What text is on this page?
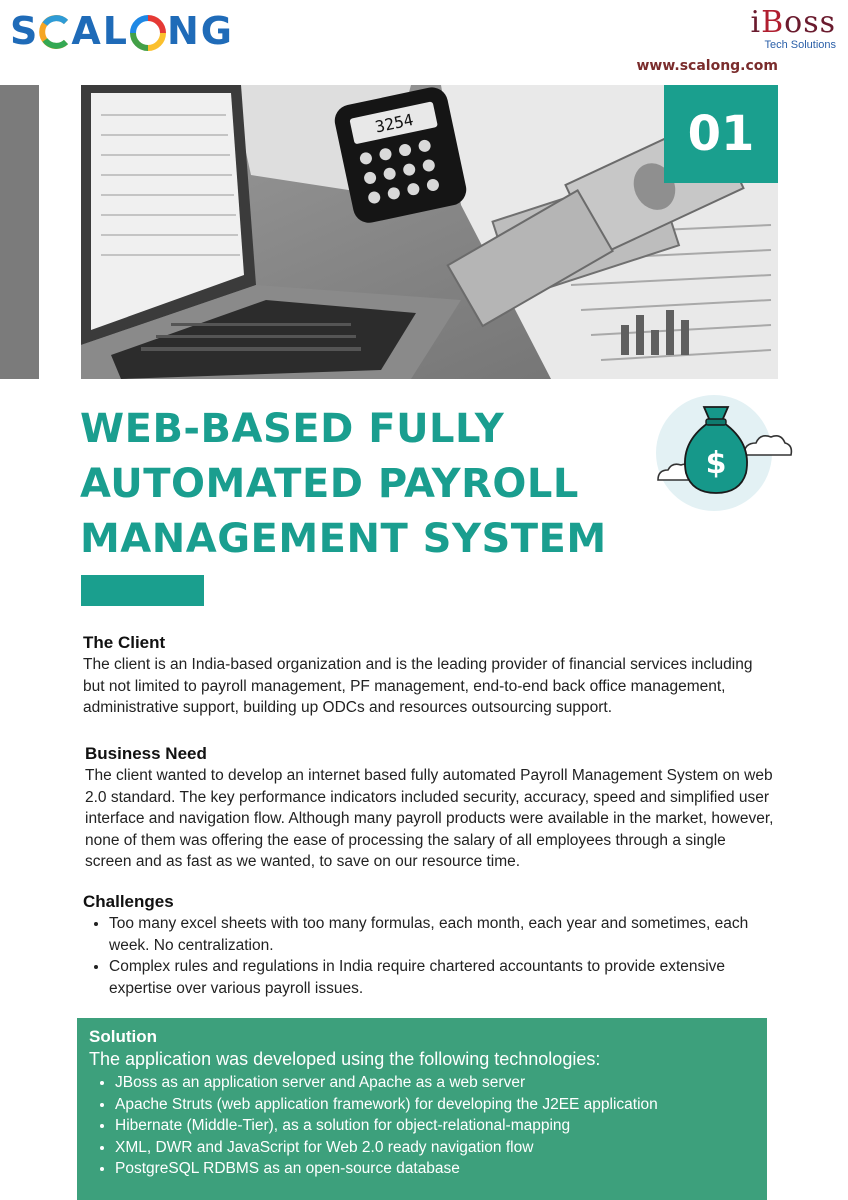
S AL NG	iBoss
Tech Solutions
www.scalong.com
3254	01
WEB-BASED FULLY AUTOMATED PAYROLL MANAGEMENT SYSTEM
$
The Client

The client is an India-based organization and is the leading provider of financial services including but not limited to payroll management, PF management, end-to-end back office management, administrative support, building up ODCs and resources outsourcing support.

Business Need

The client wanted to develop an internet based fully automated Payroll Management System on web 2.0 standard. The key performance indicators included security, accuracy, speed and simplified user interface and navigation flow. Although many payroll products were available in the market, however, none of them was offering the ease of processing the salary of all employees through a single screen and as fast as we wanted, to save on our resource time.

Challenges
• Too many excel sheets with too many formulas, each month, each year and sometimes, each week. No centralization.
• Complex rules and regulations in India require chartered accountants to provide extensive expertise over various payroll issues.
Solution

The application was developed using the following technologies:

• JBoss as an application server and Apache as a web server
• Apache Struts (web application framework) for developing the J2EE application
• Hibernate (Middle-Tier), as a solution for object-relational-mapping
• XML, DWR and JavaScript for Web 2.0 ready navigation flow
• PostgreSQL RDBMS as an open-source database
